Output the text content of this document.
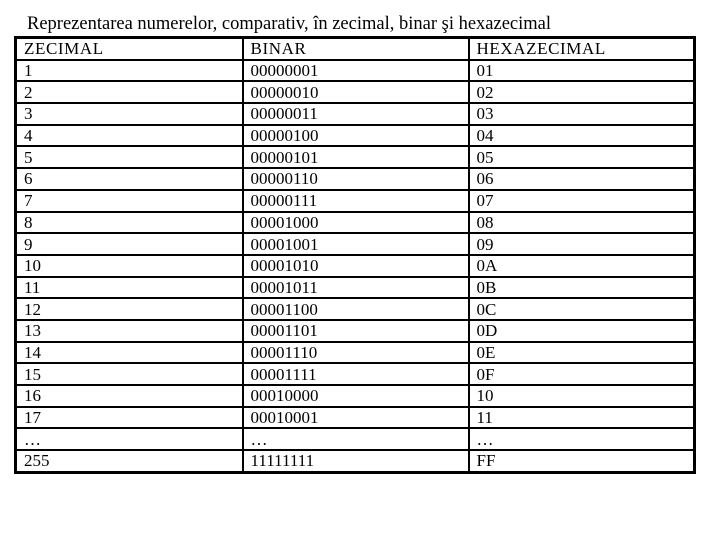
Reprezentarea numerelor, comparativ, în zecimal, binar şi hexazecimal
ZECIMAL	BINAR	HEXAZECIMAL
1	00000001	01
2	00000010	02
3	00000011	03
4	00000100	04
5	00000101	05
6	00000110	06
7	00000111	07
8	00001000	08
9	00001001	09
10	00001010	0A
11	00001011	0B
12	00001100	0C
13	00001101	0D
14	00001110	0E
15	00001111	0F
16	00010000	10
17	00010001	11
…	…	…
255	11111111	FF
